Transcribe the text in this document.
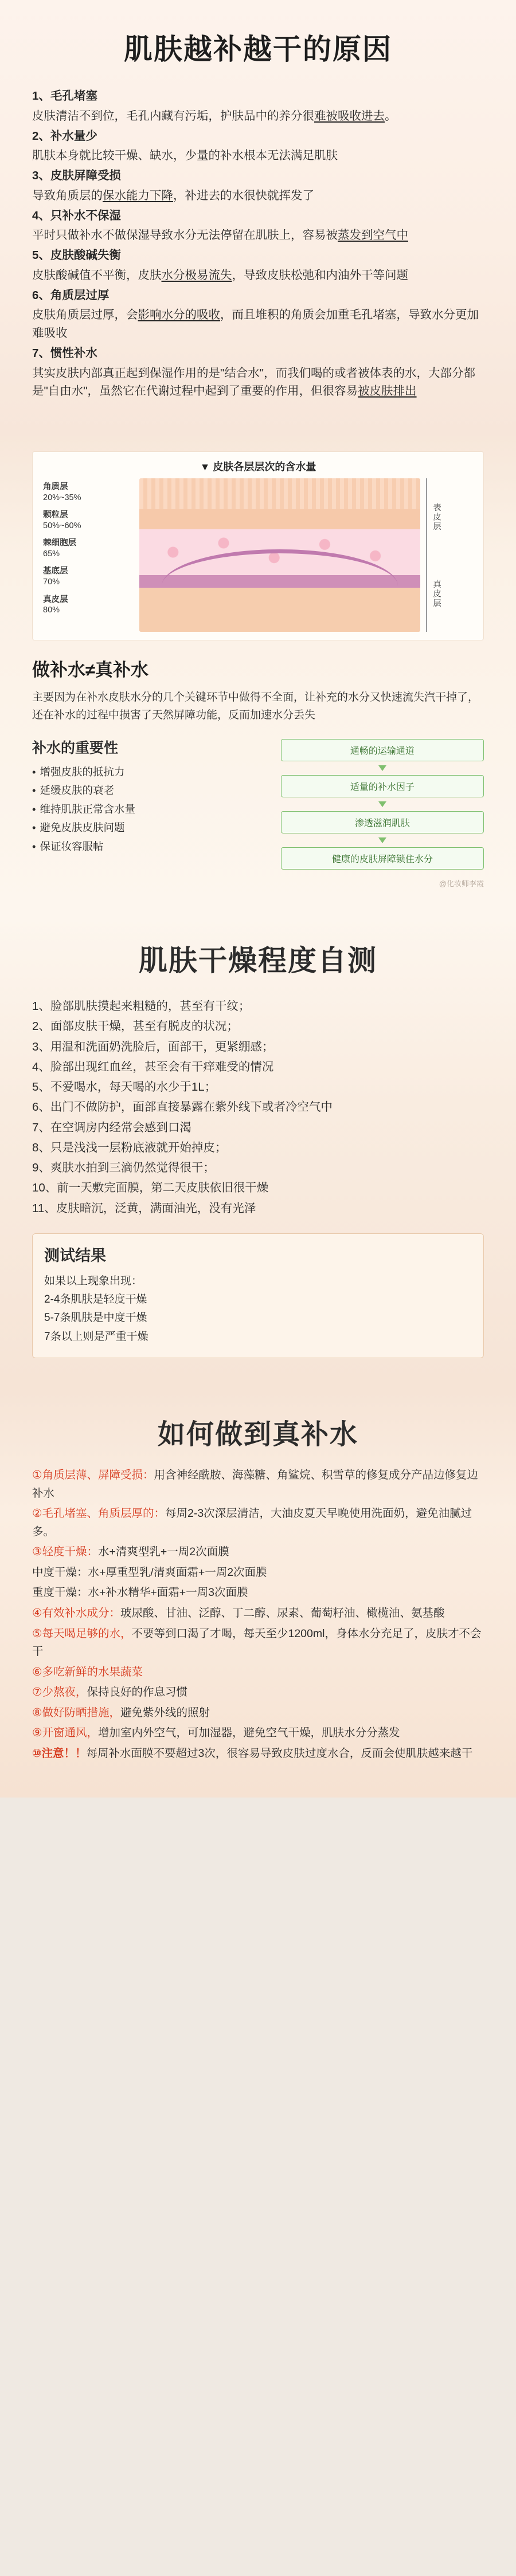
肌肤越补越干的原因

1、毛孔堵塞

皮肤清洁不到位，毛孔内藏有污垢，护肤品中的养分很难被吸收进去。

2、补水量少

肌肤本身就比较干燥、缺水，少量的补水根本无法满足肌肤

3、皮肤屏障受损

导致角质层的保水能力下降，补进去的水很快就挥发了

4、只补水不保湿

平时只做补水不做保湿导致水分无法停留在肌肤上，容易被蒸发到空气中

5、皮肤酸碱失衡

皮肤酸碱值不平衡，皮肤水分极易流失，导致皮肤松弛和内油外干等问题

6、角质层过厚

皮肤角质层过厚，会影响水分的吸收，而且堆积的角质会加重毛孔堵塞，导致水分更加难吸收

7、惯性补水

其实皮肤内部真正起到保湿作用的是"结合水"，而我们喝的或者被体表的水，大部分都是"自由水"，虽然它在代谢过程中起到了重要的作用，但很容易被皮肤排出

▼ 皮肤各层层次的含水量
角质层
20%~35%
颗粒层
50%~60%
棘细胞层
65%
基底层
70%
真皮层
80%
表皮层
真皮层
做补水≠真补水

主要因为在补水皮肤水分的几个关键环节中做得不全面，让补充的水分又快速流失汽干掉了，还在补水的过程中损害了天然屏障功能，反而加速水分丢失

补水的重要性
• 增强皮肤的抵抗力
• 延缓皮肤的衰老
• 维持肌肤正常含水量
• 避免皮肤皮肤问题
• 保证妆容服帖
通畅的运输通道
适量的补水因子
渗透滋润肌肤
健康的皮肤屏障锁住水分
@化妆师李霞
肌肤干燥程度自测

1、脸部肌肤摸起来粗糙的，甚至有干纹；

2、面部皮肤干燥，甚至有脱皮的状况；

3、用温和洗面奶洗脸后，面部干，更紧绷感；

4、脸部出现红血丝，甚至会有干痒难受的情况

5、不爱喝水，每天喝的水少于1L；

6、出门不做防护，面部直接暴露在紫外线下或者冷空气中

7、在空调房内经常会感到口渴

8、只是浅浅一层粉底液就开始掉皮；

9、爽肤水拍到三滴仍然觉得很干；

10、前一天敷完面膜，第二天皮肤依旧很干燥

11、皮肤暗沉，泛黄，满面油光，没有光泽

测试结果

如果以上现象出现：

2-4条肌肤是轻度干燥

5-7条肌肤是中度干燥

7条以上则是严重干燥

如何做到真补水

①角质层薄、屏障受损：用含神经酰胺、海藻糖、角鲨烷、积雪草的修复成分产品边修复边补水

②毛孔堵塞、角质层厚的：每周2-3次深层清洁，大油皮夏天早晚使用洗面奶，避免油腻过多。

③轻度干燥：水+清爽型乳+一周2次面膜

中度干燥：水+厚重型乳/清爽面霜+一周2次面膜

重度干燥：水+补水精华+面霜+一周3次面膜

④有效补水成分：玻尿酸、甘油、泛醇、丁二醇、尿素、葡萄籽油、橄榄油、氨基酸

⑤每天喝足够的水，不要等到口渴了才喝，每天至少1200ml，身体水分充足了，皮肤才不会干

⑥多吃新鲜的水果蔬菜

⑦少熬夜，保持良好的作息习惯

⑧做好防晒措施，避免紫外线的照射

⑨开窗通风，增加室内外空气，可加湿器，避免空气干燥，肌肤水分分蒸发

⑩注意！！每周补水面膜不要超过3次，很容易导致皮肤过度水合，反而会使肌肤越来越干
